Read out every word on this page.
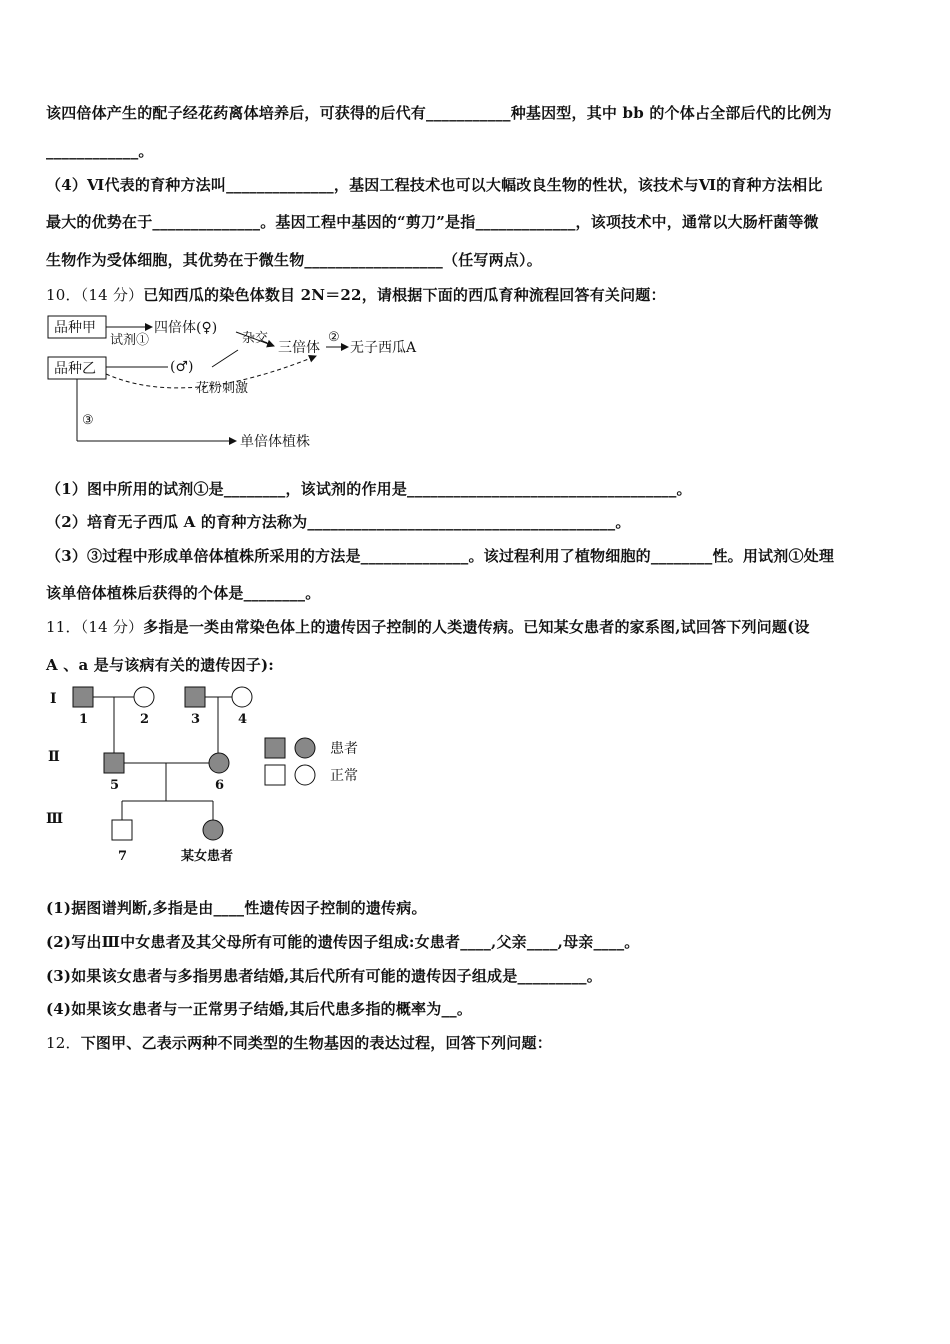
该四倍体产生的配子经花药离体培养后，可获得的后代有___________种基因型，其中 bb 的个体占全部后代的比例为
____________。
（4）Ⅵ代表的育种方法叫______________，基因工程技术也可以大幅改良生物的性状，该技术与Ⅵ的育种方法相比
最大的优势在于______________。基因工程中基因的“剪刀”是指_____________，该项技术中，通常以大肠杆菌等微
生物作为受体细胞，其优势在于微生物__________________（任写两点）。
10．（14 分）已知西瓜的染色体数目 2N＝22，请根据下面的西瓜育种流程回答有关问题：
品种甲
品种乙
试剂①
四倍体(♀)
(♂)
杂交
三倍体
②
无子西瓜A
花粉刺激
③
单倍体植株
（1）图中所用的试剂①是________，该试剂的作用是___________________________________。
（2）培育无子西瓜 A 的育种方法称为________________________________________。
（3）③过程中形成单倍体植株所采用的方法是______________。该过程利用了植物细胞的________性。用试剂①处理
该单倍体植株后获得的个体是________。
11．（14 分）多指是一类由常染色体上的遗传因子控制的人类遗传病。已知某女患者的家系图,试回答下列问题(设
A 、a 是与该病有关的遗传因子):
Ⅰ
Ⅱ
Ⅲ
1	2	3	4
5	6
7	某女患者
患者
正常
(1)据图谱判断,多指是由____性遗传因子控制的遗传病。
(2)写出Ⅲ中女患者及其父母所有可能的遗传因子组成:女患者____,父亲____,母亲____。
(3)如果该女患者与多指男患者结婚,其后代所有可能的遗传因子组成是_________。
(4)如果该女患者与一正常男子结婚,其后代患多指的概率为__。
12．下图甲、乙表示两种不同类型的生物基因的表达过程，回答下列问题：
